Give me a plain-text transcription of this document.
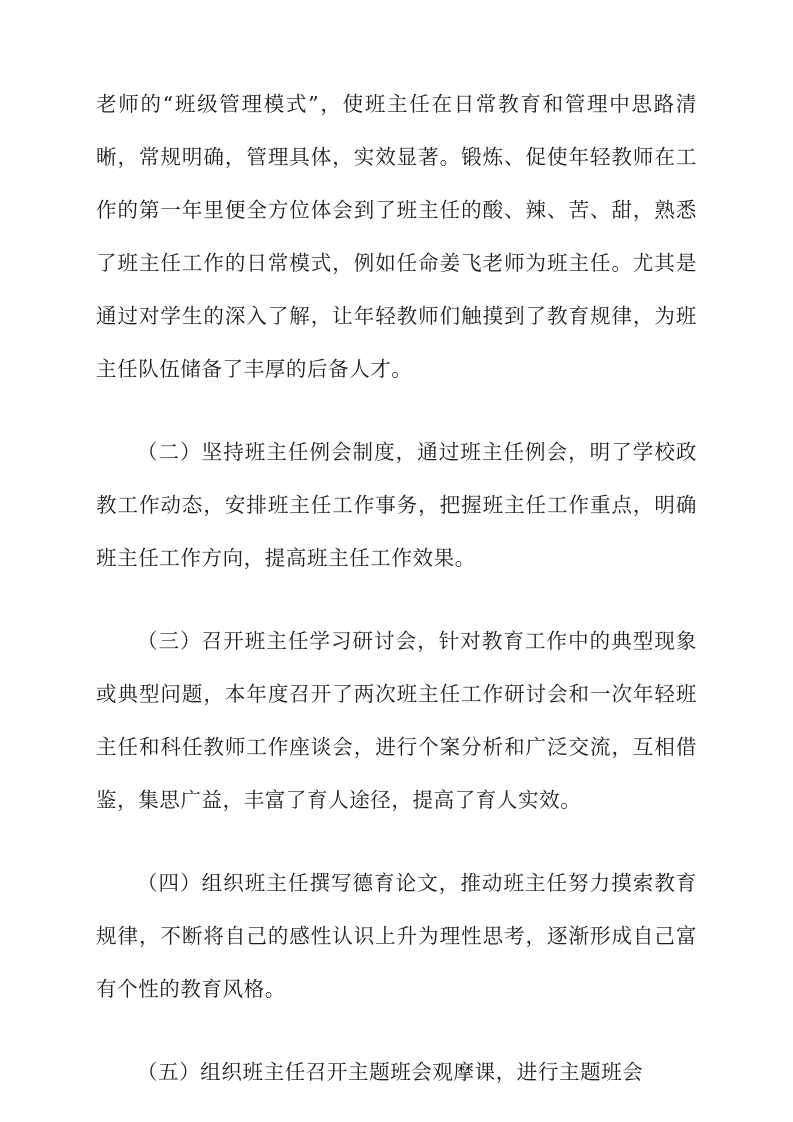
老师的“班级管理模式”，使班主任在日常教育和管理中思路清晰，常规明确，管理具体，实效显著。锻炼、促使年轻教师在工作的第一年里便全方位体会到了班主任的酸、辣、苦、甜，熟悉了班主任工作的日常模式，例如任命姜飞老师为班主任。尤其是通过对学生的深入了解，让年轻教师们触摸到了教育规律，为班主任队伍储备了丰厚的后备人才。

（二）坚持班主任例会制度，通过班主任例会，明了学校政教工作动态，安排班主任工作事务，把握班主任工作重点，明确班主任工作方向，提高班主任工作效果。

（三）召开班主任学习研讨会，针对教育工作中的典型现象或典型问题，本年度召开了两次班主任工作研讨会和一次年轻班主任和科任教师工作座谈会，进行个案分析和广泛交流，互相借鉴，集思广益，丰富了育人途径，提高了育人实效。

（四）组织班主任撰写德育论文，推动班主任努力摸索教育规律，不断将自己的感性认识上升为理性思考，逐渐形成自己富有个性的教育风格。

（五）组织班主任召开主题班会观摩课，进行主题班会
